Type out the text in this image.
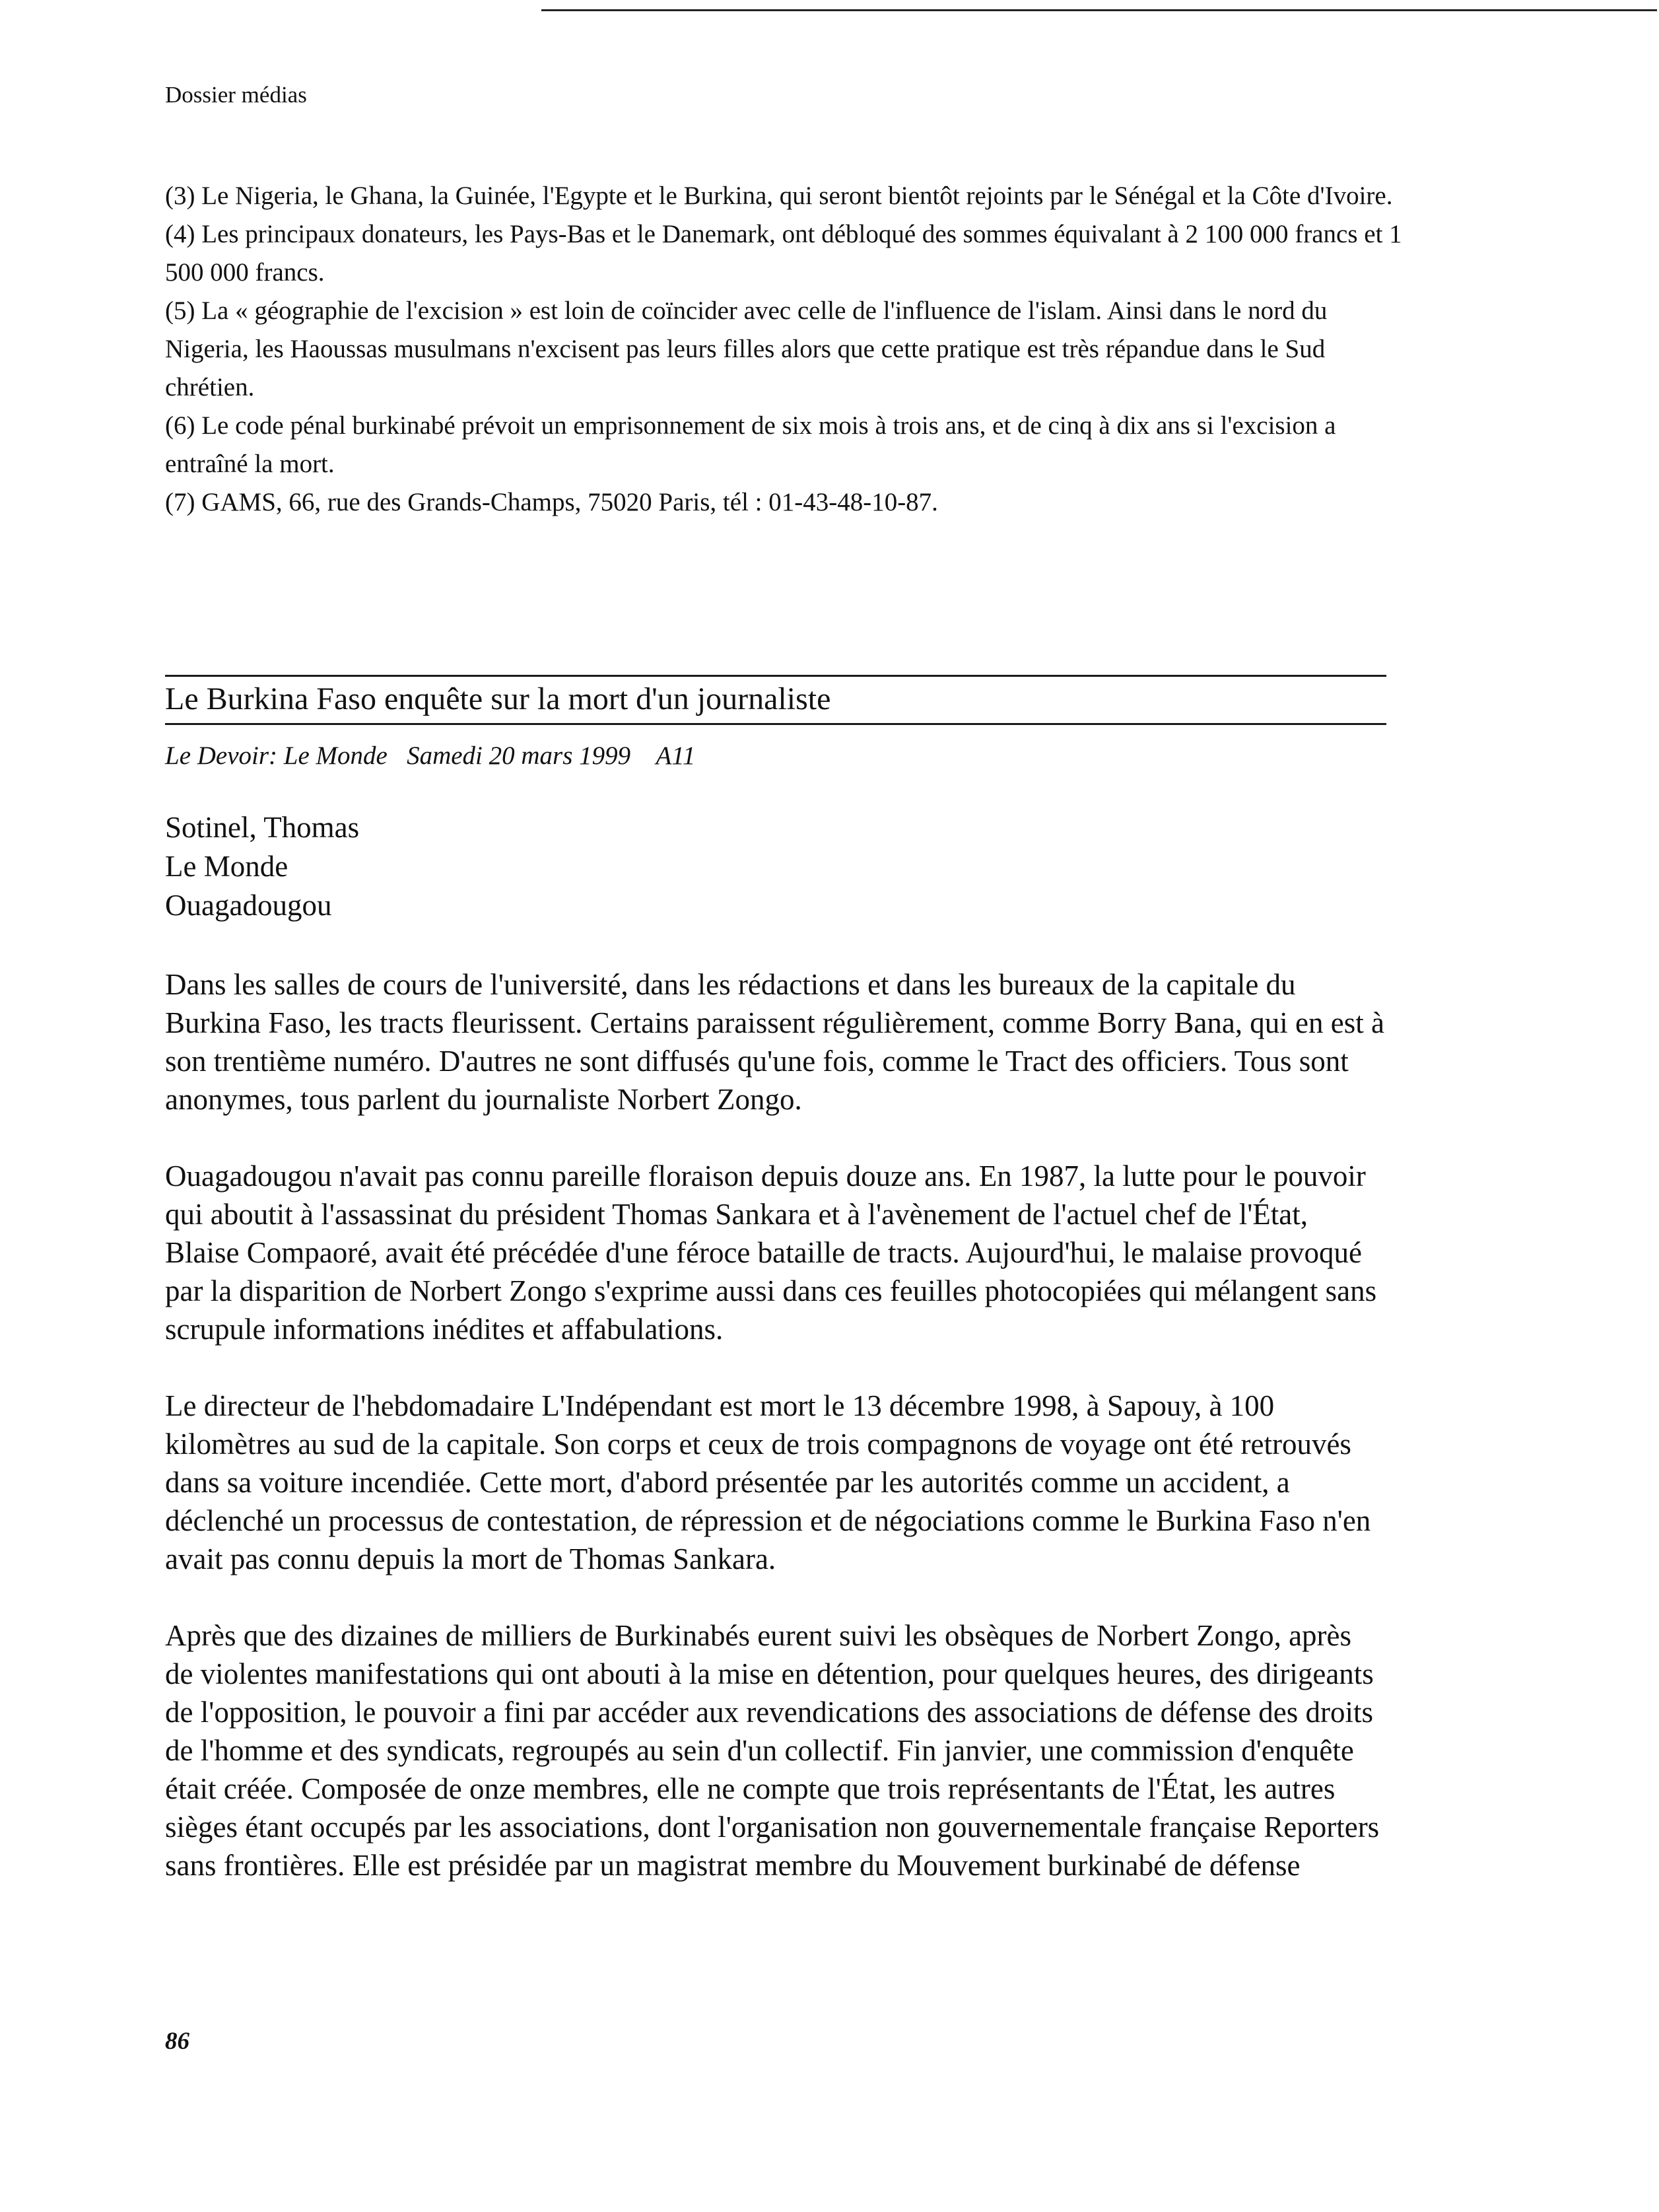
Dossier médias

(3) Le Nigeria, le Ghana, la Guinée, l'Egypte et le Burkina, qui seront bientôt rejoints par le Sénégal et la Côte d'Ivoire.

(4) Les principaux donateurs, les Pays-Bas et le Danemark, ont débloqué des sommes équivalant à 2 100 000 francs et 1 500 000 francs.

(5) La « géographie de l'excision » est loin de coïncider avec celle de l'influence de l'islam. Ainsi dans le nord du Nigeria, les Haoussas musulmans n'excisent pas leurs filles alors que cette pratique est très répandue dans le Sud chrétien.

(6) Le code pénal burkinabé prévoit un emprisonnement de six mois à trois ans, et de cinq à dix ans si l'excision a entraîné la mort.

(7) GAMS, 66, rue des Grands-Champs, 75020 Paris, tél : 01-43-48-10-87.

Le Burkina Faso enquête sur la mort d'un journaliste
Le Devoir: Le Monde   Samedi 20 mars 1999    A11
Sotinel, Thomas
Le Monde
Ouagadougou

Dans les salles de cours de l'université, dans les rédactions et dans les bureaux de la capitale du Burkina Faso, les tracts fleurissent. Certains paraissent régulièrement, comme Borry Bana, qui en est à son trentième numéro. D'autres ne sont diffusés qu'une fois, comme le Tract des officiers. Tous sont anonymes, tous parlent du journaliste Norbert Zongo.

Ouagadougou n'avait pas connu pareille floraison depuis douze ans. En 1987, la lutte pour le pouvoir qui aboutit à l'assassinat du président Thomas Sankara et à l'avènement de l'actuel chef de l'État, Blaise Compaoré, avait été précédée d'une féroce bataille de tracts. Aujourd'hui, le malaise provoqué par la disparition de Norbert Zongo s'exprime aussi dans ces feuilles photocopiées qui mélangent sans scrupule informations inédites et affabulations.

Le directeur de l'hebdomadaire L'Indépendant est mort le 13 décembre 1998, à Sapouy, à 100 kilomètres au sud de la capitale. Son corps et ceux de trois compagnons de voyage ont été retrouvés dans sa voiture incendiée. Cette mort, d'abord présentée par les autorités comme un accident, a déclenché un processus de contestation, de répression et de négociations comme le Burkina Faso n'en avait pas connu depuis la mort de Thomas Sankara.

Après que des dizaines de milliers de Burkinabés eurent suivi les obsèques de Norbert Zongo, après de violentes manifestations qui ont abouti à la mise en détention, pour quelques heures, des dirigeants de l'opposition, le pouvoir a fini par accéder aux revendications des associations de défense des droits de l'homme et des syndicats, regroupés au sein d'un collectif. Fin janvier, une commission d'enquête était créée. Composée de onze membres, elle ne compte que trois représentants de l'État, les autres sièges étant occupés par les associations, dont l'organisation non gouvernementale française Reporters sans frontières. Elle est présidée par un magistrat membre du Mouvement burkinabé de défense

86
